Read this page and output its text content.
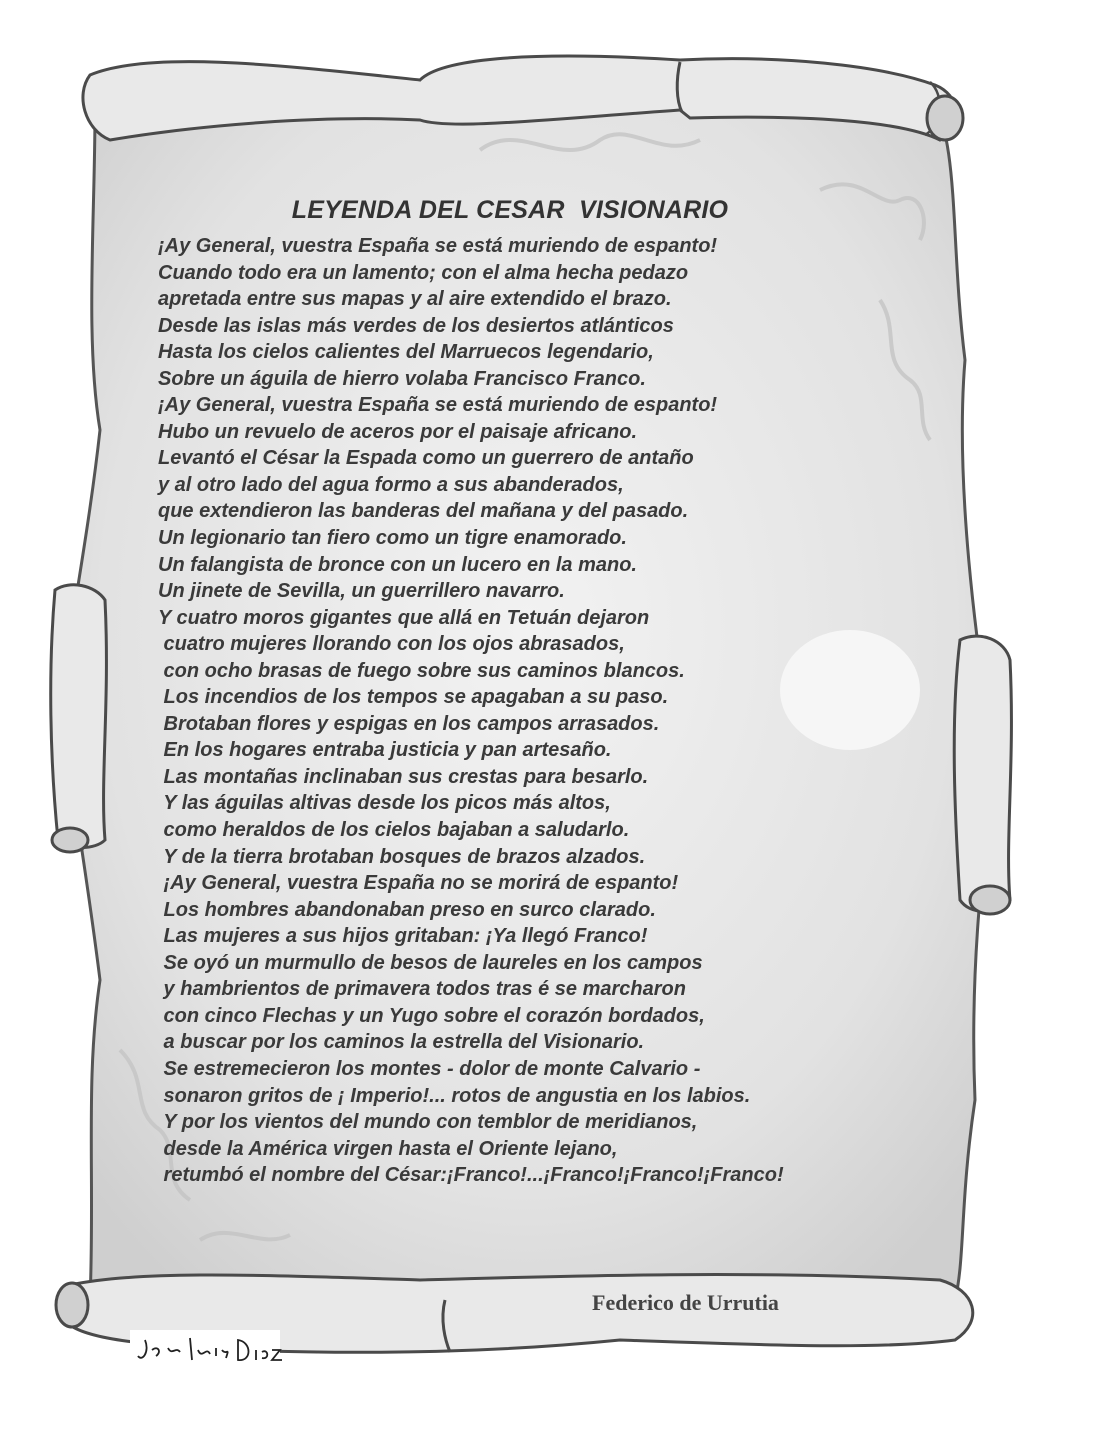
LEYENDA DEL CESAR  VISIONARIO
¡Ay General, vuestra España se está muriendo de espanto!
Cuando todo era un lamento; con el alma hecha pedazo
apretada entre sus mapas y al aire extendido el brazo.
Desde las islas más verdes de los desiertos atlánticos
Hasta los cielos calientes del Marruecos legendario,
Sobre un águila de hierro volaba Francisco Franco.
¡Ay General, vuestra España se está muriendo de espanto!
Hubo un revuelo de aceros por el paisaje africano.
Levantó el César la Espada como un guerrero de antaño
y al otro lado del agua formo a sus abanderados,
que extendieron las banderas del mañana y del pasado.
Un legionario tan fiero como un tigre enamorado.
Un falangista de bronce con un lucero en la mano.
Un jinete de Sevilla, un guerrillero navarro.
Y cuatro moros gigantes que allá en Tetuán dejaron
cuatro mujeres llorando con los ojos abrasados,
con ocho brasas de fuego sobre sus caminos blancos.
Los incendios de los tempos se apagaban a su paso.
Brotaban flores y espigas en los campos arrasados.
En los hogares entraba justicia y pan artesaño.
Las montañas inclinaban sus crestas para besarlo.
Y las águilas altivas desde los picos más altos,
como heraldos de los cielos bajaban a saludarlo.
Y de la tierra brotaban bosques de brazos alzados.
¡Ay General, vuestra España no se morirá de espanto!
Los hombres abandonaban preso en surco clarado.
Las mujeres a sus hijos gritaban: ¡Ya llegó Franco!
Se oyó un murmullo de besos de laureles en los campos
y hambrientos de primavera todos tras é se marcharon
con cinco Flechas y un Yugo sobre el corazón bordados,
a buscar por los caminos la estrella del Visionario.
Se estremecieron los montes - dolor de monte Calvario -
sonaron gritos de ¡ Imperio!... rotos de angustia en los labios.
Y por los vientos del mundo con temblor de meridianos,
desde la América virgen hasta el Oriente lejano,
retumbó el nombre del César:¡Franco!...¡Franco!¡Franco!¡Franco!

Federico de Urrutia
